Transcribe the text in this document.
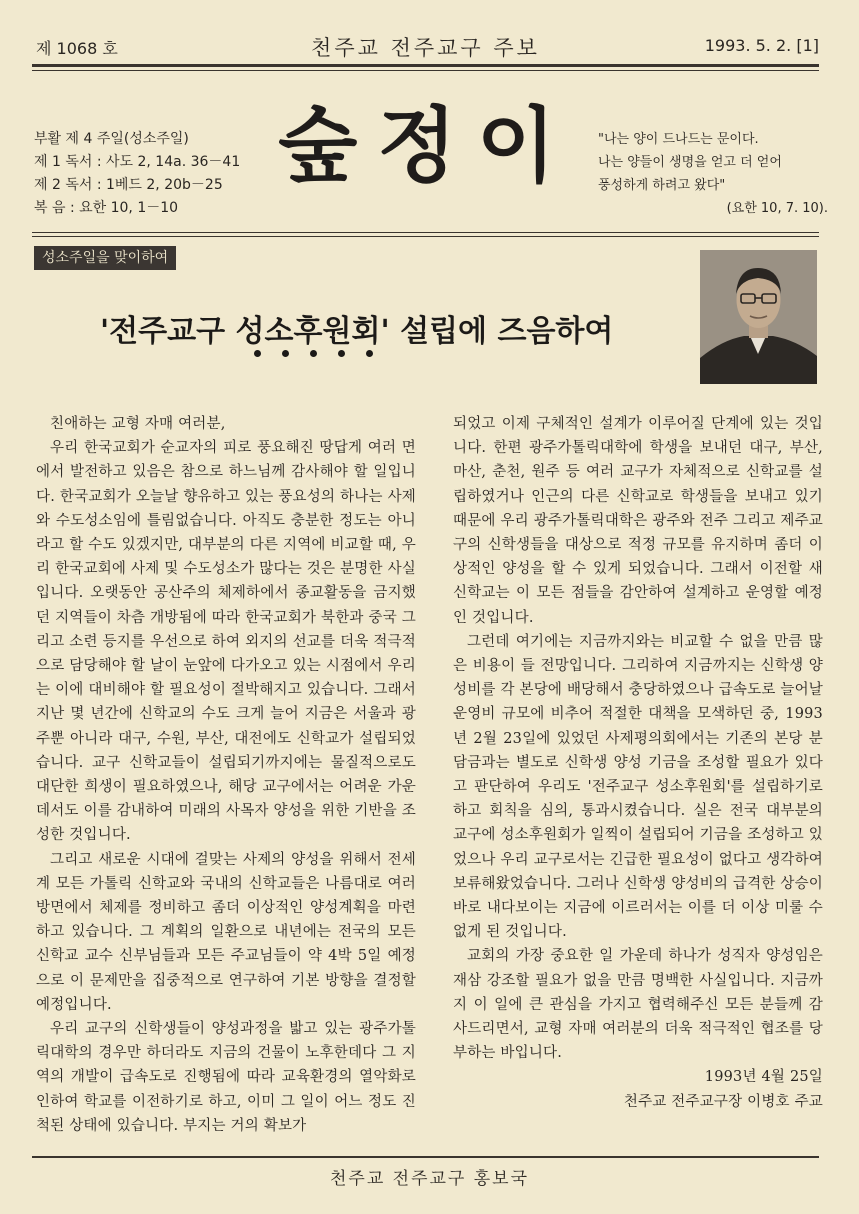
제 1068 호	천주교 전주교구 주보	1993. 5. 2. [1]
부활 제 4 주일(성소주일)
제 1 독서 : 사도 2, 14a. 36－41
제 2 독서 : 1베드 2, 20b－25
복 음 : 요한 10, 1－10
숲정이	"나는 양이 드나드는 문이다.
나는 양들이 생명을 얻고 더 얻어
풍성하게 하려고 왔다"
(요한 10, 7. 10).
성소주일을 맞이하여
'전주교구 성소후원회' 설립에 즈음하여

친애하는 교형 자매 여러분,

우리 한국교회가 순교자의 피로 풍요해진 땅답게 여러 면에서 발전하고 있음은 참으로 하느님께 감사해야 할 일입니다. 한국교회가 오늘날 향유하고 있는 풍요성의 하나는 사제와 수도성소임에 틀림없습니다. 아직도 충분한 정도는 아니라고 할 수도 있겠지만, 대부분의 다른 지역에 비교할 때, 우리 한국교회에 사제 및 수도성소가 많다는 것은 분명한 사실입니다. 오랫동안 공산주의 체제하에서 종교활동을 금지했던 지역들이 차츰 개방됨에 따라 한국교회가 북한과 중국 그리고 소련 등지를 우선으로 하여 외지의 선교를 더욱 적극적으로 담당해야 할 날이 눈앞에 다가오고 있는 시점에서 우리는 이에 대비해야 할 필요성이 절박해지고 있습니다. 그래서 지난 몇 년간에 신학교의 수도 크게 늘어 지금은 서울과 광주뿐 아니라 대구, 수원, 부산, 대전에도 신학교가 설립되었습니다. 교구 신학교들이 설립되기까지에는 물질적으로도 대단한 희생이 필요하였으나, 해당 교구에서는 어려운 가운데서도 이를 감내하여 미래의 사목자 양성을 위한 기반을 조성한 것입니다.

그리고 새로운 시대에 걸맞는 사제의 양성을 위해서 전세계 모든 가톨릭 신학교와 국내의 신학교들은 나름대로 여러 방면에서 체제를 정비하고 좀더 이상적인 양성계획을 마련하고 있습니다. 그 계획의 일환으로 내년에는 전국의 모든 신학교 교수 신부님들과 모든 주교님들이 약 4박 5일 예정으로 이 문제만을 집중적으로 연구하여 기본 방향을 결정할 예정입니다.

우리 교구의 신학생들이 양성과정을 밟고 있는 광주가톨릭대학의 경우만 하더라도 지금의 건물이 노후한데다 그 지역의 개발이 급속도로 진행됨에 따라 교육환경의 열악화로 인하여 학교를 이전하기로 하고, 이미 그 일이 어느 정도 진척된 상태에 있습니다. 부지는 거의 확보가

되었고 이제 구체적인 설계가 이루어질 단계에 있는 것입니다. 한편 광주가톨릭대학에 학생을 보내던 대구, 부산, 마산, 춘천, 원주 등 여러 교구가 자체적으로 신학교를 설립하였거나 인근의 다른 신학교로 학생들을 보내고 있기 때문에 우리 광주가톨릭대학은 광주와 전주 그리고 제주교구의 신학생들을 대상으로 적정 규모를 유지하며 좀더 이상적인 양성을 할 수 있게 되었습니다. 그래서 이전할 새신학교는 이 모든 점들을 감안하여 설계하고 운영할 예정인 것입니다.

그런데 여기에는 지금까지와는 비교할 수 없을 만큼 많은 비용이 들 전망입니다. 그리하여 지금까지는 신학생 양성비를 각 본당에 배당해서 충당하였으나 급속도로 늘어날 운영비 규모에 비추어 적절한 대책을 모색하던 중, 1993년 2월 23일에 있었던 사제평의회에서는 기존의 본당 분담금과는 별도로 신학생 양성 기금을 조성할 필요가 있다고 판단하여 우리도 '전주교구 성소후원회'를 설립하기로 하고 회칙을 심의, 통과시켰습니다. 실은 전국 대부분의 교구에 성소후원회가 일찍이 설립되어 기금을 조성하고 있었으나 우리 교구로서는 긴급한 필요성이 없다고 생각하여 보류해왔었습니다. 그러나 신학생 양성비의 급격한 상승이 바로 내다보이는 지금에 이르러서는 이를 더 이상 미룰 수 없게 된 것입니다.

교회의 가장 중요한 일 가운데 하나가 성직자 양성임은 재삼 강조할 필요가 없을 만큼 명백한 사실입니다. 지금까지 이 일에 큰 관심을 가지고 협력해주신 모든 분들께 감사드리면서, 교형 자매 여러분의 더욱 적극적인 협조를 당부하는 바입니다.

1993년 4월 25일

천주교 전주교구장 이병호 주교

천주교 전주교구 홍보국
